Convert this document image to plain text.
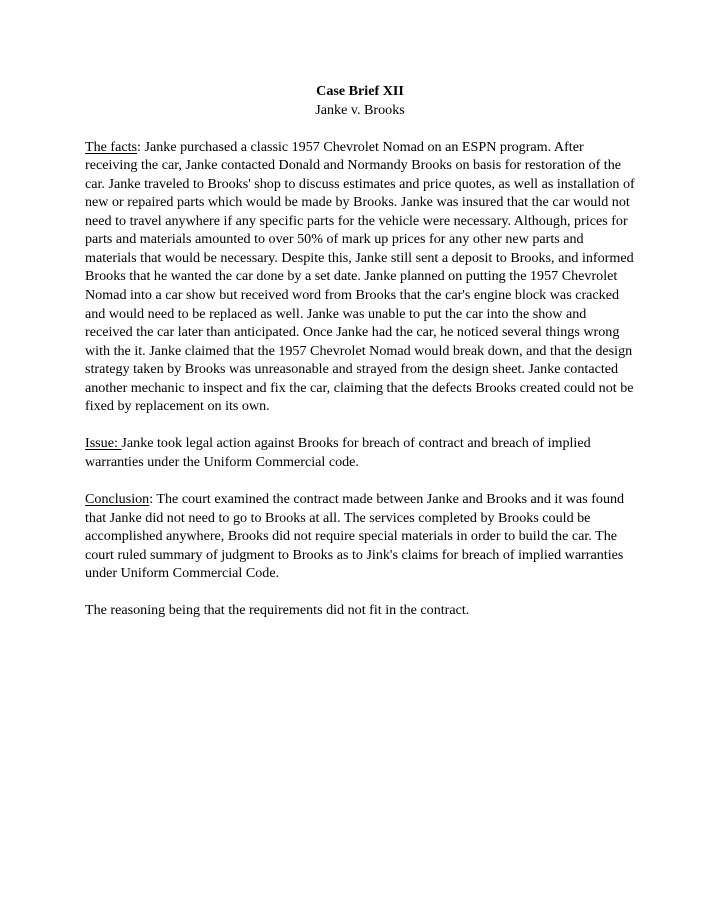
Case Brief XII

Janke v. Brooks

The facts: Janke purchased a classic 1957 Chevrolet Nomad on an ESPN program. After receiving the car, Janke contacted Donald and Normandy Brooks on basis for restoration of the car. Janke traveled to Brooks' shop to discuss estimates and price quotes, as well as installation of new or repaired parts which would be made by Brooks. Janke was insured that the car would not need to travel anywhere if any specific parts for the vehicle were necessary. Although, prices for parts and materials amounted to over 50% of mark up prices for any other new parts and materials that would be necessary. Despite this, Janke still sent a deposit to Brooks, and informed Brooks that he wanted the car done by a set date. Janke planned on putting the 1957 Chevrolet Nomad into a car show but received word from Brooks that the car's engine block was cracked and would need to be replaced as well. Janke was unable to put the car into the show and received the car later than anticipated. Once Janke had the car, he noticed several things wrong with the it. Janke claimed that the 1957 Chevrolet Nomad would break down, and that the design strategy taken by Brooks was unreasonable and strayed from the design sheet. Janke contacted another mechanic to inspect and fix the car, claiming that the defects Brooks created could not be fixed by replacement on its own.

Issue: Janke took legal action against Brooks for breach of contract and breach of implied warranties under the Uniform Commercial code.

Conclusion: The court examined the contract made between Janke and Brooks and it was found that Janke did not need to go to Brooks at all. The services completed by Brooks could be accomplished anywhere, Brooks did not require special materials in order to build the car. The court ruled summary of judgment to Brooks as to Jink's claims for breach of implied warranties under Uniform Commercial Code.

The reasoning being that the requirements did not fit in the contract.
